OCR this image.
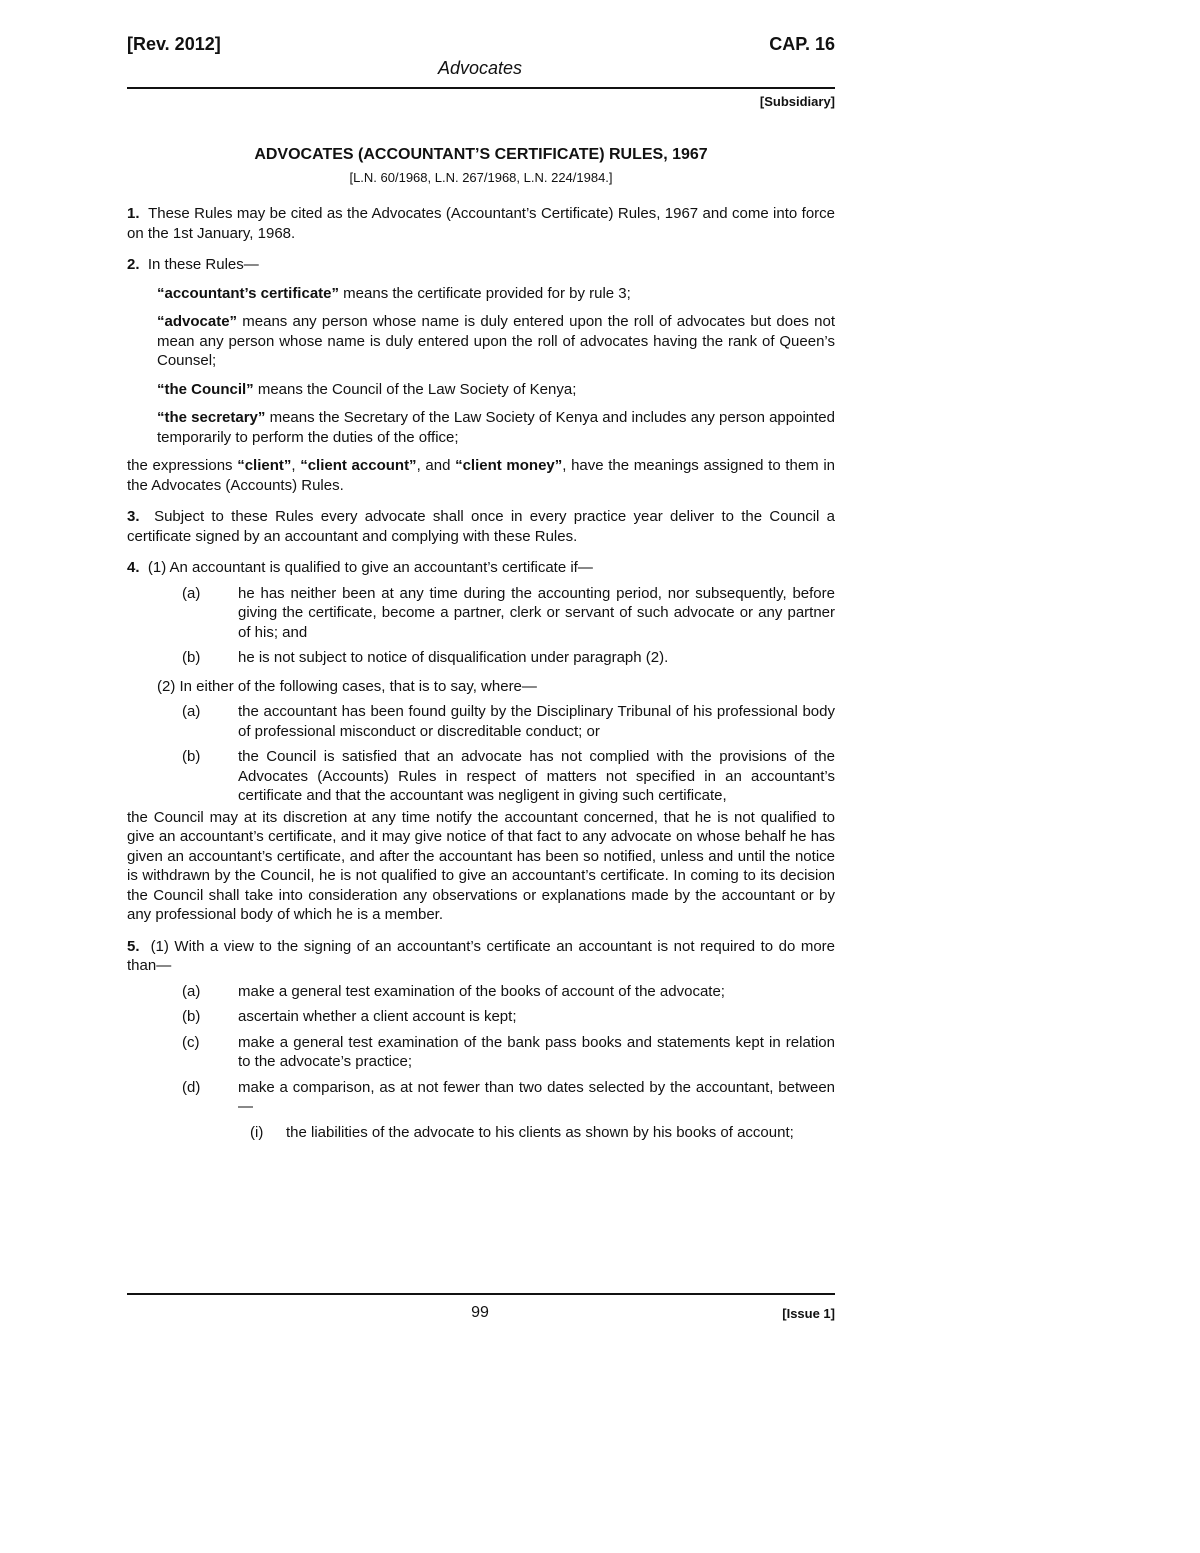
[Rev. 2012]	CAP. 16
Advocates
[Subsidiary]
ADVOCATES (ACCOUNTANT’S CERTIFICATE) RULES, 1967
[L.N. 60/1968, L.N. 267/1968, L.N. 224/1984.]

1. These Rules may be cited as the Advocates (Accountant’s Certificate) Rules, 1967 and come into force on the 1st January, 1968.

2. In these Rules—

“accountant’s certificate” means the certificate provided for by rule 3;

“advocate” means any person whose name is duly entered upon the roll of advocates but does not mean any person whose name is duly entered upon the roll of advocates having the rank of Queen’s Counsel;

“the Council” means the Council of the Law Society of Kenya;

“the secretary” means the Secretary of the Law Society of Kenya and includes any person appointed temporarily to perform the duties of the office;

the expressions “client”, “client account”, and “client money”, have the meanings assigned to them in the Advocates (Accounts) Rules.

3. Subject to these Rules every advocate shall once in every practice year deliver to the Council a certificate signed by an accountant and complying with these Rules.

4. (1) An accountant is qualified to give an accountant’s certificate if—

(a)	he has neither been at any time during the accounting period, nor subsequently, before giving the certificate, become a partner, clerk or servant of such advocate or any partner of his; and
(b)	he is not subject to notice of disqualification under paragraph (2).

(2) In either of the following cases, that is to say, where—

(a)	the accountant has been found guilty by the Disciplinary Tribunal of his professional body of professional misconduct or discreditable conduct; or
(b)	the Council is satisfied that an advocate has not complied with the provisions of the Advocates (Accounts) Rules in respect of matters not specified in an accountant’s certificate and that the accountant was negligent in giving such certificate,

the Council may at its discretion at any time notify the accountant concerned, that he is not qualified to give an accountant’s certificate, and it may give notice of that fact to any advocate on whose behalf he has given an accountant’s certificate, and after the accountant has been so notified, unless and until the notice is withdrawn by the Council, he is not qualified to give an accountant’s certificate. In coming to its decision the Council shall take into consideration any observations or explanations made by the accountant or by any professional body of which he is a member.

5. (1) With a view to the signing of an accountant’s certificate an accountant is not required to do more than—

(a)	make a general test examination of the books of account of the advocate;
(b)	ascertain whether a client account is kept;
(c)	make a general test examination of the bank pass books and statements kept in relation to the advocate’s practice;
(d)	make a comparison, as at not fewer than two dates selected by the accountant, between—
(i)	the liabilities of the advocate to his clients as shown by his books of account;
99	[Issue 1]
